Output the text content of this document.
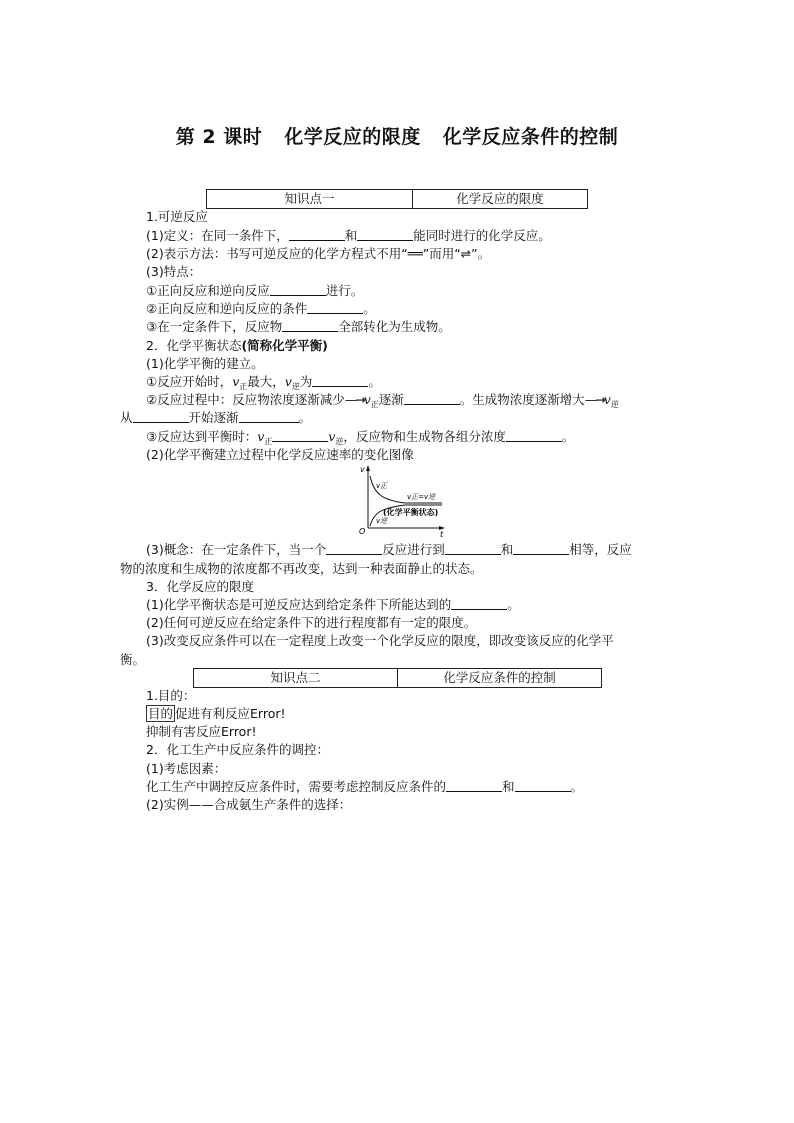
第 2 课时 化学反应的限度 化学反应条件的控制
知识点一	化学反应的限度
1.可逆反应
(1)定义：在同一条件下，	和	能同时进行的化学反应。
(2)表示方法：书写可逆反应的化学方程式不用“══”而用“⇌”。
(3)特点：
①正向反应和逆向反应	进行。
②正向反应和逆向反应的条件	。
③在一定条件下，反应物	全部转化为生成物。
2．化学平衡状态(简称化学平衡)
(1)化学平衡的建立。
①反应开始时，$v_正$最大，$v_逆$为	。
②反应过程中：反应物浓度逐渐减少$—\to v_正$逐渐	。生成物浓度逐渐增大$—\to v_逆$
从	开始逐渐	。
③反应达到平衡时：$v_正$	$v_逆$，反应物和生成物各组分浓度	。
(2)化学平衡建立过程中化学反应速率的变化图像
v
t
O
v正
v逆
v正=v逆
(化学平衡状态)
(3)概念：在一定条件下，当一个	反应进行到	和	相等，反应
物的浓度和生成物的浓度都不再改变，达到一种表面静止的状态。
3．化学反应的限度
(1)化学平衡状态是可逆反应达到给定条件下所能达到的	。
(2)任何可逆反应在给定条件下的进行程度都有一定的限度。
(3)改变反应条件可以在一定程度上改变一个化学反应的限度，即改变该反应的化学平
衡。
知识点二	化学反应条件的控制
1.目的：
目的 促进有利反应Error!
抑制有害反应Error!
2．化工生产中反应条件的调控：
(1)考虑因素：
化工生产中调控反应条件时，需要考虑控制反应条件的	和	。
(2)实例——合成氨生产条件的选择：
